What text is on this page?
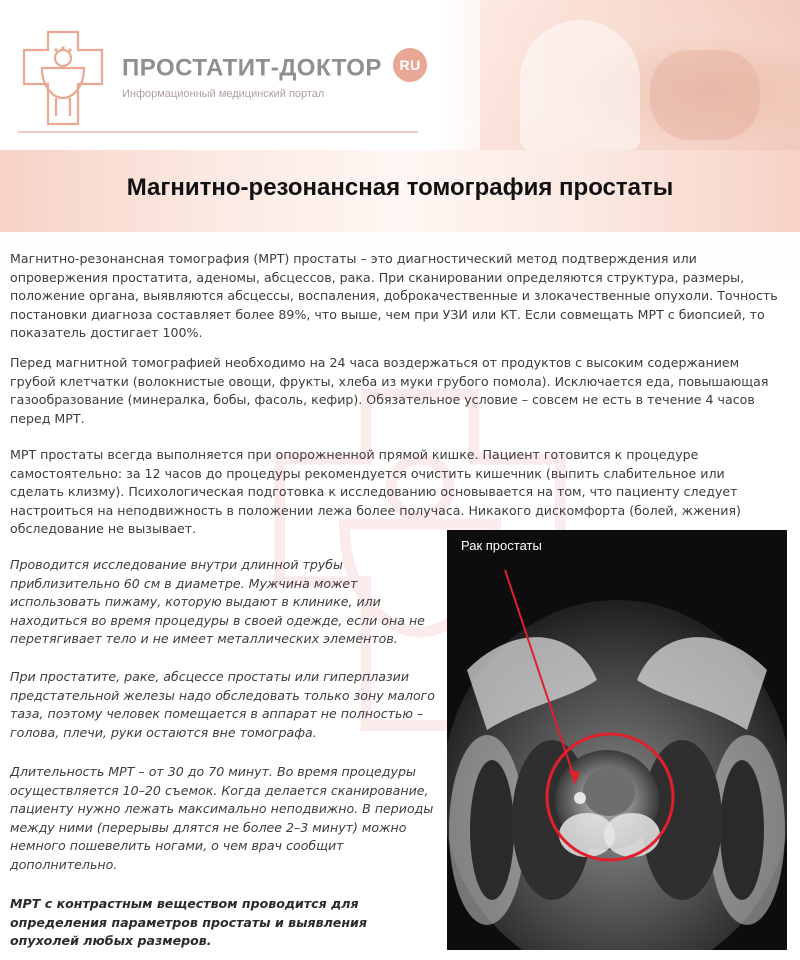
ПРОСТАТИТ-ДОКТОР RU
Информационный медицинский портал
Магнитно-резонансная томография простаты

Магнитно-резонансная томография (МРТ) простаты – это диагностический метод подтверждения или опровержения простатита, аденомы, абсцессов, рака. При сканировании определяются структура, размеры, положение органа, выявляются абсцессы, воспаления, доброкачественные и злокачественные опухоли. Точность постановки диагноза составляет более 89%, что выше, чем при УЗИ или КТ. Если совмещать МРТ с биопсией, то показатель достигает 100%.

Перед магнитной томографией необходимо на 24 часа воздержаться от продуктов с высоким содержанием грубой клетчатки (волокнистые овощи, фрукты, хлеба из муки грубого помола). Исключается еда, повышающая газообразование (минералка, бобы, фасоль, кефир). Обязательное условие – совсем не есть в течение 4 часов перед МРТ.

МРТ простаты всегда выполняется при опорожненной прямой кишке. Пациент готовится к процедуре самостоятельно: за 12 часов до процедуры рекомендуется очистить кишечник (выпить слабительное или сделать клизму). Психологическая подготовка к исследованию основывается на том, что пациенту следует настроиться на неподвижность в положении лежа более получаса. Никакого дискомфорта (болей, жжения) обследование не вызывает.

Проводится исследование внутри длинной трубы приблизительно 60 см в диаметре. Мужчина может использовать пижаму, которую выдают в клинике, или находиться во время процедуры в своей одежде, если она не перетягивает тело и не имеет металлических элементов.

При простатите, раке, абсцессе простаты или гиперплазии предстательной железы надо обследовать только зону малого таза, поэтому человек помещается в аппарат не полностью – голова, плечи, руки остаются вне томографа.

Длительность МРТ – от 30 до 70 минут. Во время процедуры осуществляется 10–20 съемок. Когда делается сканирование, пациенту нужно лежать максимально неподвижно. В периоды между ними (перерывы длятся не более 2–3 минут) можно немного пошевелить ногами, о чем врач сообщит дополнительно.

МРТ с контрастным веществом проводится для определения параметров простаты и выявления опухолей любых размеров.

Рак простаты
